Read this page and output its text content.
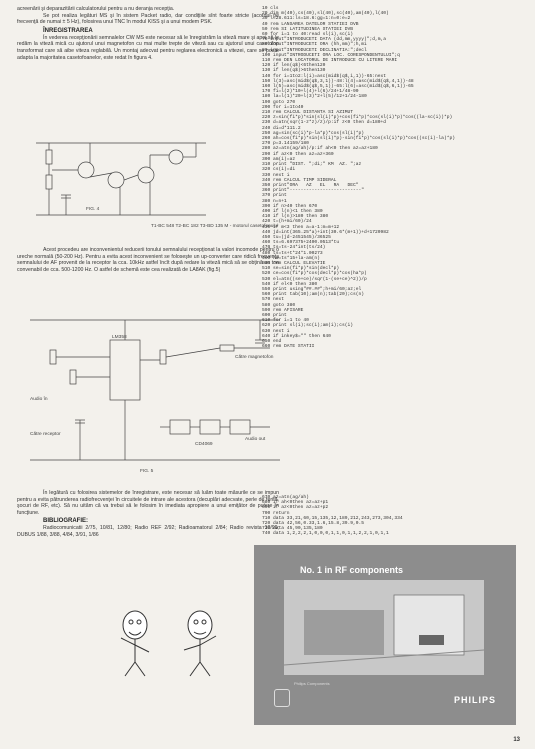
acreenării şi deparazitării calculatorului pentru a nu deranja recepţia.

Se pot realiza legături MS şi în sistem Packet radio, dar condiţiile sînt foarte stricte (acordul pe frecvenţă de numai ± 5 Hz), folosirea unui TNC în modul KISS şi a unui modem PSK.

ÎNREGISTRAREA

În vederea recepţionării semnalelor CW MS este necesar să le înregistrăm la viteză mare şi apoi să le redăm la viteză mică cu ajutorul unui magnetofon cu mai multe trepte de viteză sau cu ajutorul unui casetofon transformat care să aibe viteza reglabilă. Un montaj adecvat pentru reglarea electronică a vitezei, care se poate adapta la majoritatea casetofoanelor, este redat în figura 4.

FIG. 4
T1-BC 548 T2-BC 182 T3-BD 135 M - motorul casetofonului

Acest procedeu are inconvenientul reducerii tonului semnalului recepţionat la valori incomode pentru o ureche normală (50-200 Hz). Pentru a evita acest inconvenient se foloseşte un up-converter care ridică frecvenţa semnalului de AF provenit de la receptor la cca. 10kHz astfel încît după redare la viteză mică să se obţină un ton convenabil de cca. 500-1200 Hz. O astfel de schemă este cea realizată de LA8AK (fig.5)

Către receptor
Către magnetofon
LM358
CD4069
Audio în
Audio out
FIG. 5

În legătură cu folosirea sistemelor de înregistrare, este necesar să luăm toate măsurile ce se impun pentru a evita pătrunderea radiofrecvenţei în circuitele de intrare ale acestora (decuplări adecvate, perle de ferită, şocuri de RF, etc). Să nu uităm că va trebui să le folosim în imediata apropiere a unui emiţător de putere în funcţiune.

BIBLIOGRAFIE:

Radiocomunicatii 2/75, 10/81, 12/80; Radio REF 2/92; Radioamatorul 2/84; Radio revista 10/99; DUBUS 1/88, 3/88, 4/84, 3/91, 1/86

10 cls
20 dim m(40),cs(40),sl(40),sc(40),am(40),l(40)
30 l=28.611:ls=18.6:gg=1:n=0:e=2
40 rem LANSAREA DATELOR STATIEI DVB
50 rem SI LATITUDINEA STATIEI DVB
60 for i=1 to 40:read sl(i),sc(i)
70 input"INTRODUCETI DATA (dd,mm,yyyy)";d,m,a
80 input"INTRODUCETI ORA (hh,mm)";h,mi
90 input"INTRODUCETI DECLINATIA:";decl
100 input"INTRODUCETI ORA LOC. CORESPONDENTULUI";q
110 rem DEN LOCATORUL DE INTRODUCE CU LITERE MARI
120 if len(q$)<6then120
130 if len(q$)>6then130
140 for i=1to2:l(i)=asc(mid$(q$,i,1))-65:next
150 l(3)=asc(mid$(q$,3,1))-48:l(4)=asc(mid$(q$,4,1))-48
160 l(5)=asc(mid$(q$,5,1))-65:l(6)=asc(mid$(q$,6,1))-65
170 fi=l(2)*10+l(4)+l(6)/24+1/48-90
180 la=l(1)*20+l(3)*2+l(5)/12+1/24-180
190 goto 270
200 for i=1to40
210 rem CALCUL DISTANTA SI AZIMUT
220 z=sin(fi*p)*sin(sl(i)*p)+cos(fi*p)*cos(sl(i)*p)*cos((la-sc(i))*p)
230 d=atn(sqr(1-z*z)/z)/p:if z<0 then d=180+d
240 di=d*111.2
250 ag=sin(sc(i)*p-la*p)*cos(sl(i)*p)
260 ah=cos(fi*p)*sin(sl(i)*p)-sin(fi*p)*cos(sl(i)*p)*cos((sc(i)-la)*p)
270 p=3.14159/180
280 az=atn(ag/ah)/p:if ah<0 then az=az+180
290 if az<0 then az=az+360
300 am(i)=az
310 print "DIST. ";di;" KM  AZ. ";az
320 cs(i)=di
330 next i
340 rem CALCUL TIMP SIDERAL
350 print"ORA   AZ   EL   RA   DEC"
360 print"--------------------------"
370 print
380 n=n+1
390 if n>40 then 670
400 if l(n)<1 then 380
410 if l(n)>180 then 380
420 t=(h+mi/60)/24
430 if m<3 then a=a-1:m=m+12
440 jd=int(365.25*a)+int(30.6*(m+1))+d+1720982
450 tu=(jd-2451545)/36525
460 ts=6.697375+2400.0513*tu
470 ts=ts-24*int(ts/24)
480 ts=ts+t*24*1.00273
490 ha=ts*15+la-am(n)
500 rem CALCUL ELEVATIE
510 se=sin(fi*p)*sin(decl*p)
520 ce=cos(fi*p)*cos(decl*p)*cos(ha*p)
530 el=atn((se+ce)/sqr(1-(se+ce)^2))/p
540 if el<0 then 380
550 print using"##.##";h+mi/60;az;el
560 print tab(10);am(n);tab(20);cs(n)
570 next
580 goto 380
590 rem AFISARE
600 print
610 for i=1 to 40
620 print sl(i);sc(i);am(i);cs(i)
630 next i
640 if inkey$="" then 640
650 end
660 rem DATE STATII
670 az=atn(ag/ah)
680 if ah<0then az=az+p1
690 if az<0then az=az+p2
700 return
710 data 33,21,60,15,135,12,189,212,243,273,304,334
720 data 42,56,0.33,1.6,15.8,39.9,0.5
730 data 45,90,135,180
740 data 1,2,2,2,1,0,0,0,1,1,0,1,1,2,2,1,0,1,1
No. 1 in RF components
Philips Components
PHILIPS
13
